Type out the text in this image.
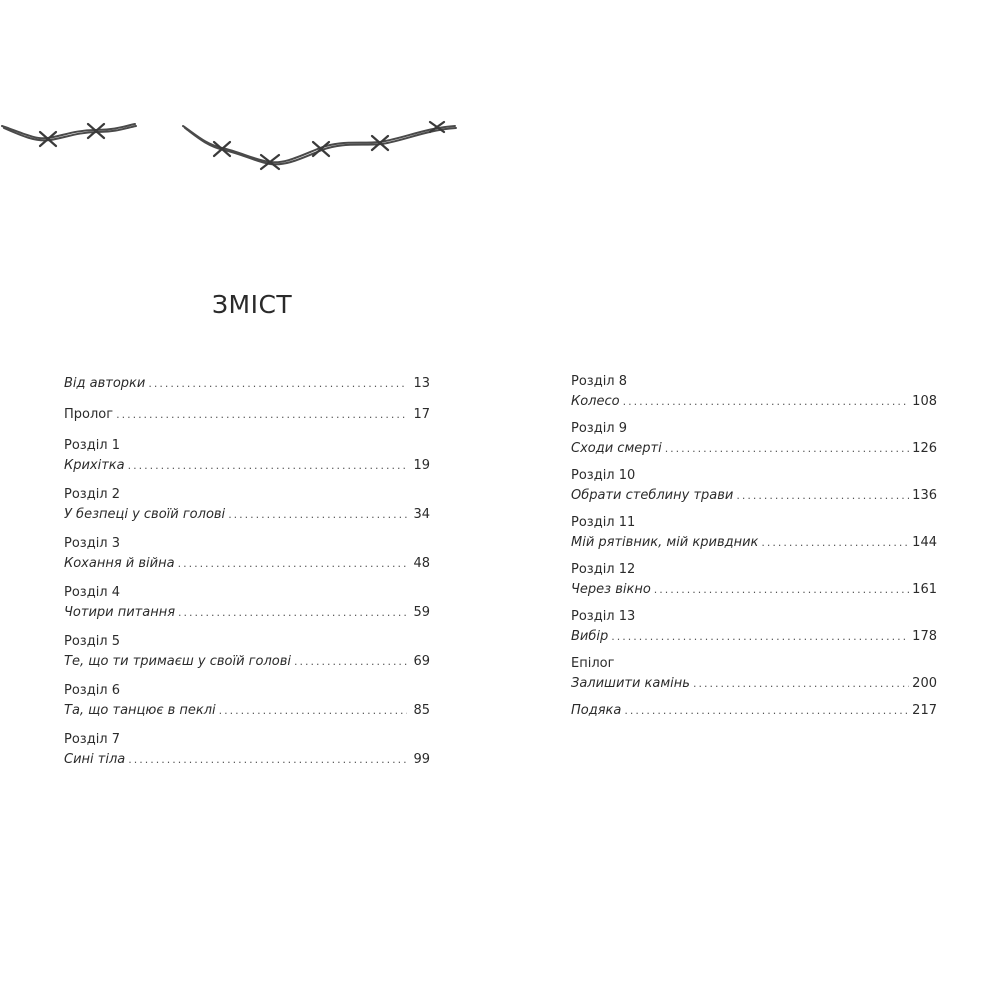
ЗМІСТ
Від авторки .....	13
Пролог .....	17
Розділ 1
Крихітка .....	19
Розділ 2
У безпеці у своїй голові .....	34
Розділ 3
Кохання й війна .....	48
Розділ 4
Чотири питання .....	59
Розділ 5
Те, що ти тримаєш у своїй голові .....	69
Розділ 6
Та, що танцює в пеклі .....	85
Розділ 7
Сині тіла .....	99
Розділ 8
Колесо .....	108
Розділ 9
Сходи смерті .....	126
Розділ 10
Обрати стеблину трави .....	136
Розділ 11
Мій рятівник, мій кривдник .....	144
Розділ 12
Через вікно .....	161
Розділ 13
Вибір .....	178
Епілог
Залишити камінь .....	200
Подяка .....	217
